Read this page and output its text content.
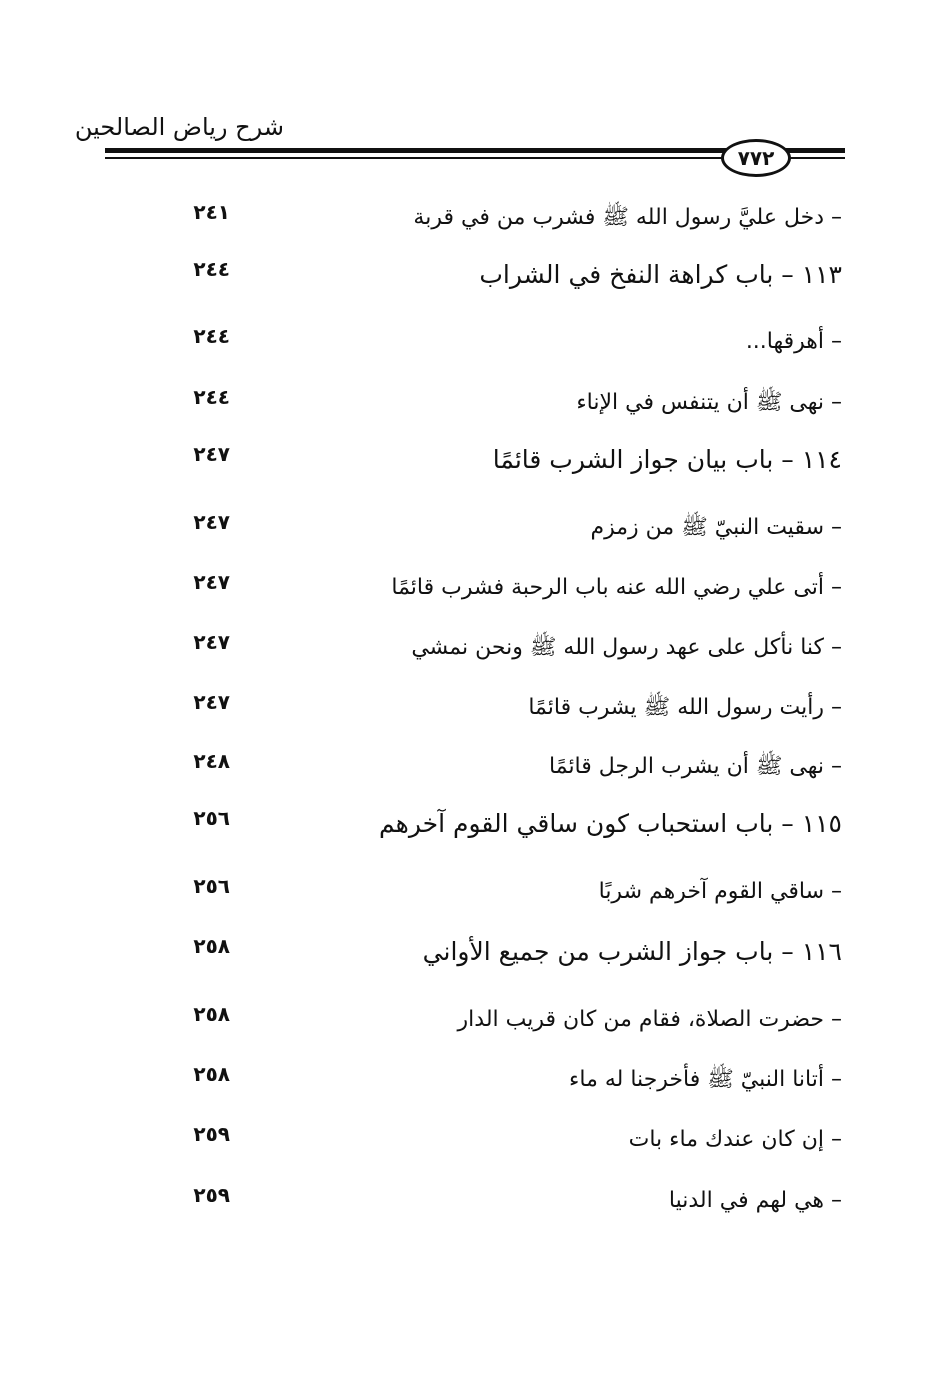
شرح رياض الصالحين
٧٧٢
– دخل عليَّ رسول الله ﷺ فشرب من في قربة
٢٤١
١١٣ – باب كراهة النفخ في الشراب
٢٤٤
– أهرقها...
٢٤٤
– نهى ﷺ أن يتنفس في الإناء
٢٤٤
١١٤ – باب بيان جواز الشرب قائمًا
٢٤٧
– سقيت النبيّ ﷺ من زمزم
٢٤٧
– أتى علي رضي الله عنه باب الرحبة فشرب قائمًا
٢٤٧
– كنا نأكل على عهد رسول الله ﷺ ونحن نمشي
٢٤٧
– رأيت رسول الله ﷺ يشرب قائمًا
٢٤٧
– نهى ﷺ أن يشرب الرجل قائمًا
٢٤٨
١١٥ – باب استحباب كون ساقي القوم آخرهم
٢٥٦
– ساقي القوم آخرهم شربًا
٢٥٦
١١٦ – باب جواز الشرب من جميع الأواني
٢٥٨
– حضرت الصلاة، فقام من كان قريب الدار
٢٥٨
– أتانا النبيّ ﷺ فأخرجنا له ماء
٢٥٨
– إن كان عندك ماء بات
٢٥٩
– هي لهم في الدنيا
٢٥٩
